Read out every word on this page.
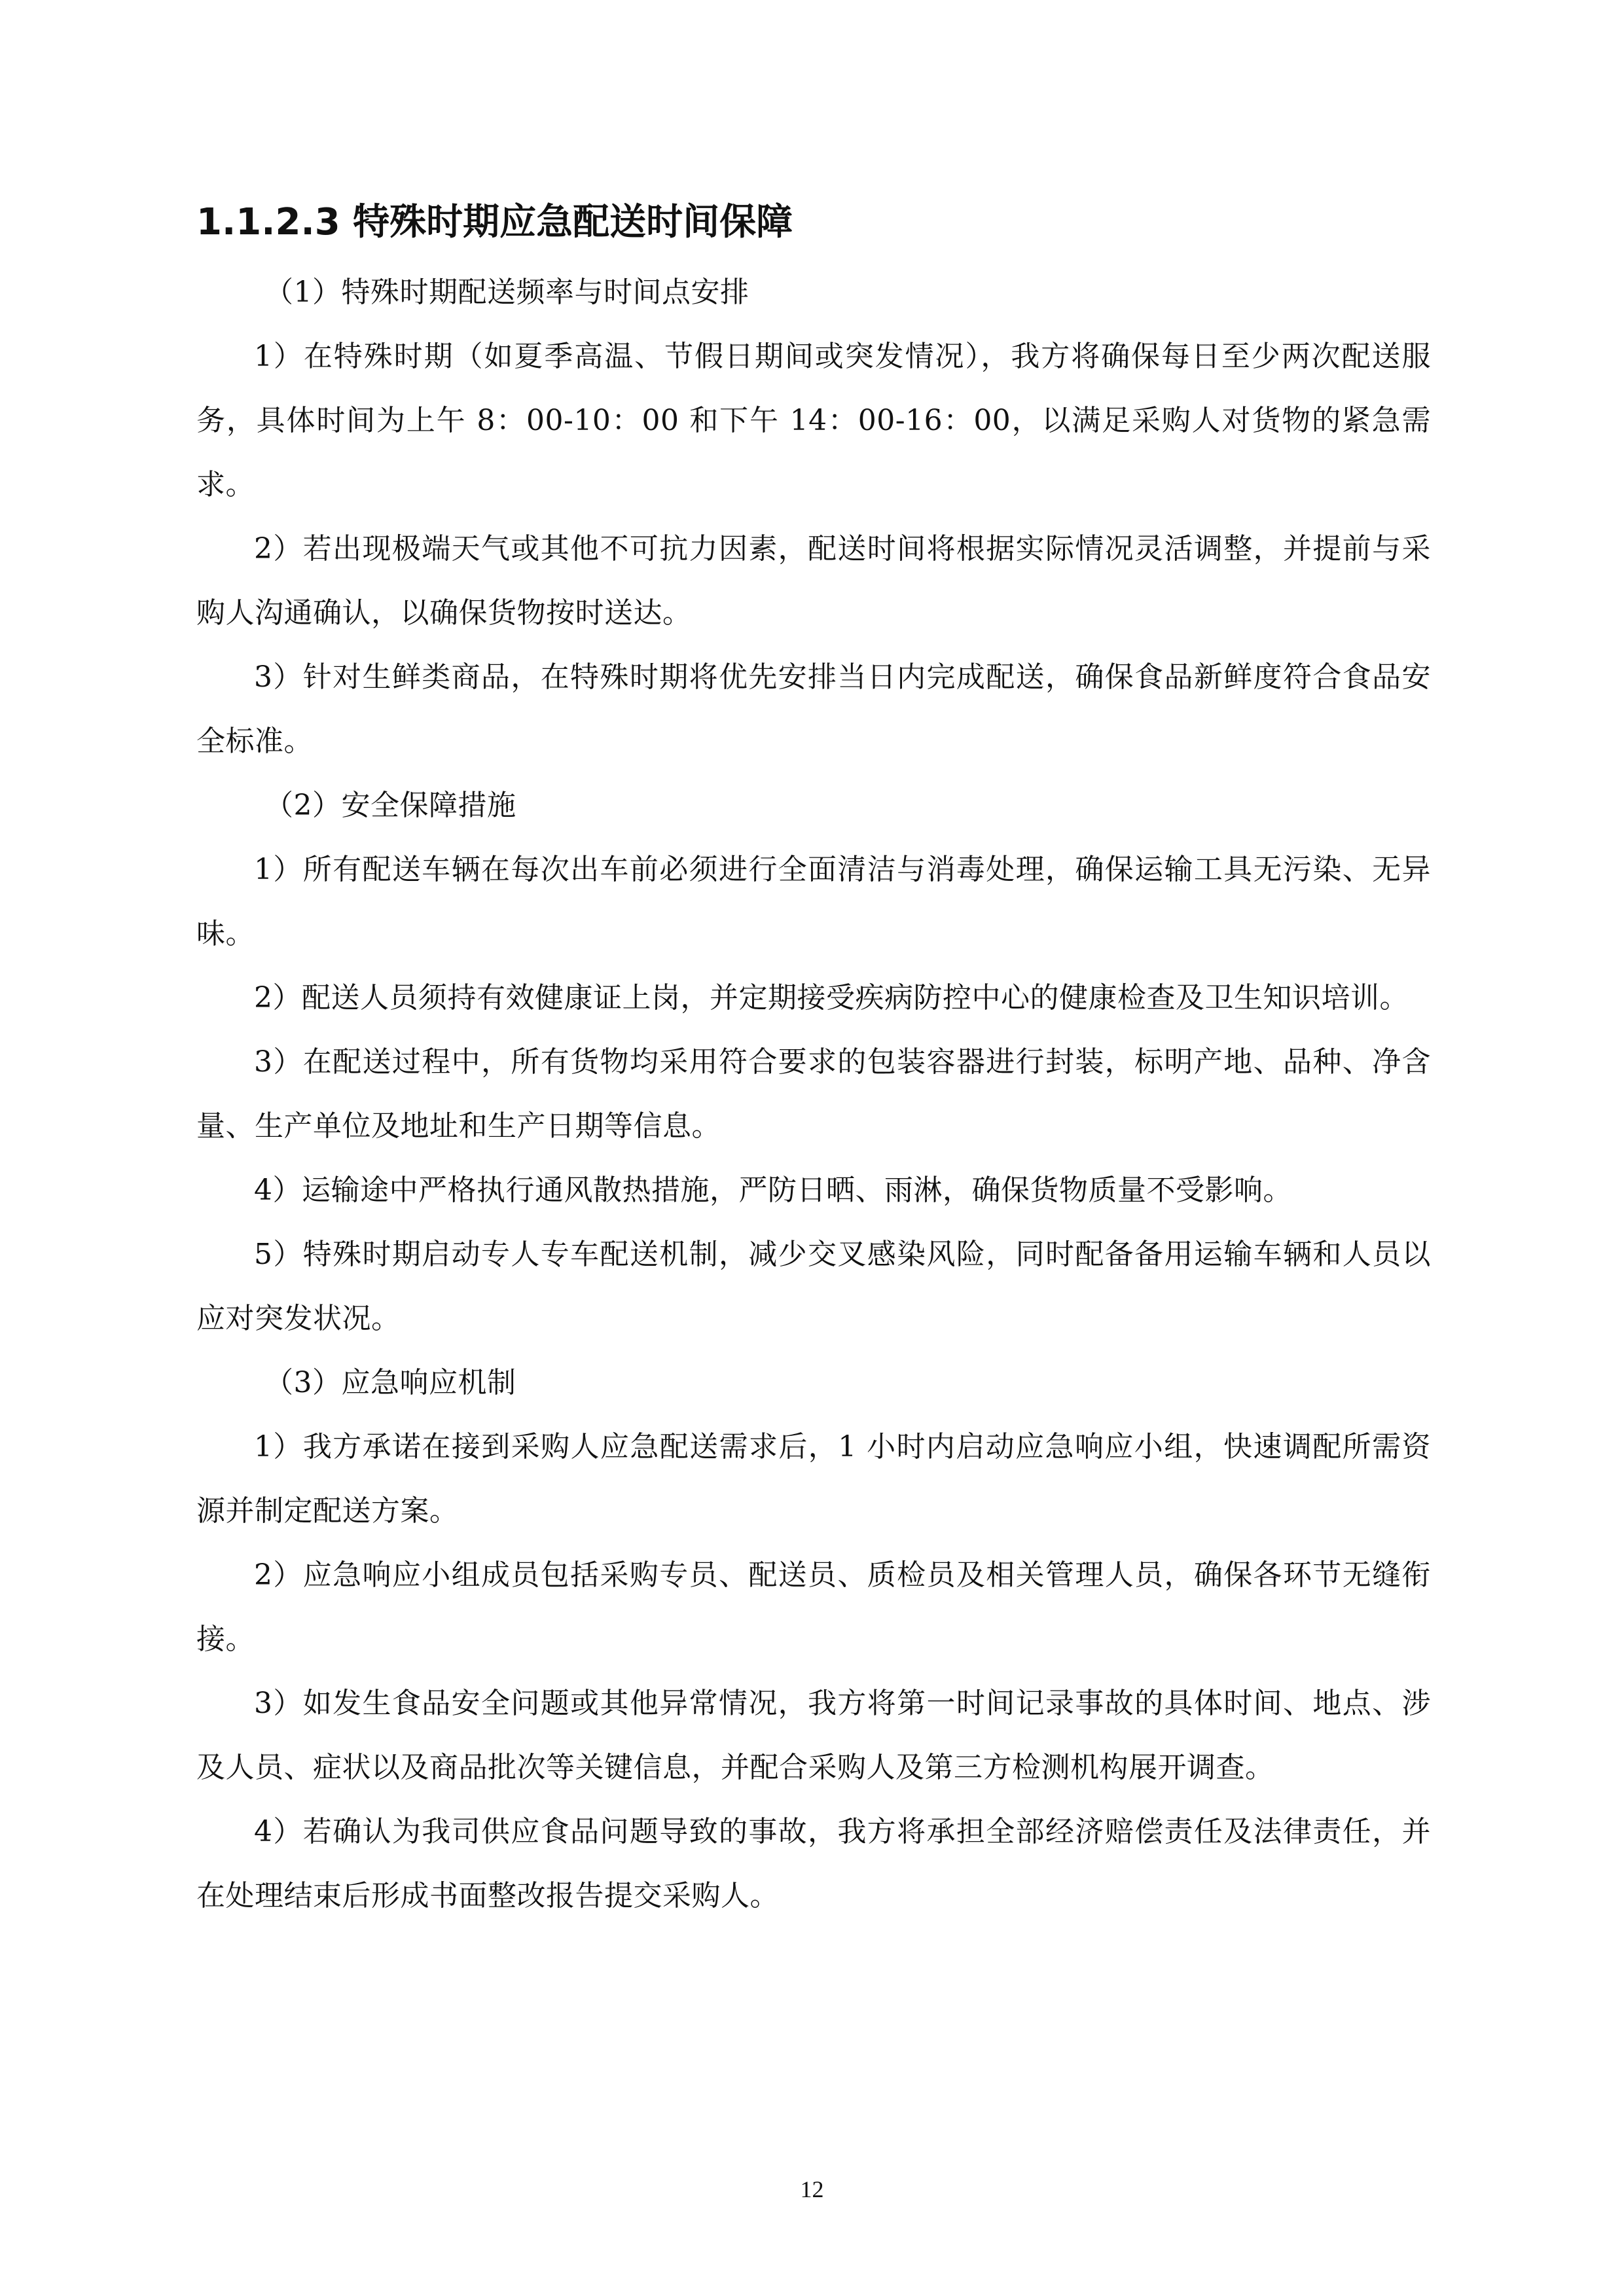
1.1.2.3 特殊时期应急配送时间保障

（1）特殊时期配送频率与时间点安排

1）在特殊时期（如夏季高温、节假日期间或突发情况），我方将确保每日至少两次配送服务，具体时间为上午 8：00-10：00 和下午 14：00-16：00，以满足采购人对货物的紧急需求。

2）若出现极端天气或其他不可抗力因素，配送时间将根据实际情况灵活调整，并提前与采购人沟通确认，以确保货物按时送达。

3）针对生鲜类商品，在特殊时期将优先安排当日内完成配送，确保食品新鲜度符合食品安全标准。

（2）安全保障措施

1）所有配送车辆在每次出车前必须进行全面清洁与消毒处理，确保运输工具无污染、无异味。

2）配送人员须持有效健康证上岗，并定期接受疾病防控中心的健康检查及卫生知识培训。

3）在配送过程中，所有货物均采用符合要求的包装容器进行封装，标明产地、品种、净含量、生产单位及地址和生产日期等信息。

4）运输途中严格执行通风散热措施，严防日晒、雨淋，确保货物质量不受影响。

5）特殊时期启动专人专车配送机制，减少交叉感染风险，同时配备备用运输车辆和人员以应对突发状况。

（3）应急响应机制

1）我方承诺在接到采购人应急配送需求后，1 小时内启动应急响应小组，快速调配所需资源并制定配送方案。

2）应急响应小组成员包括采购专员、配送员、质检员及相关管理人员，确保各环节无缝衔接。

3）如发生食品安全问题或其他异常情况，我方将第一时间记录事故的具体时间、地点、涉及人员、症状以及商品批次等关键信息，并配合采购人及第三方检测机构展开调查。

4）若确认为我司供应食品问题导致的事故，我方将承担全部经济赔偿责任及法律责任，并在处理结束后形成书面整改报告提交采购人。

12
